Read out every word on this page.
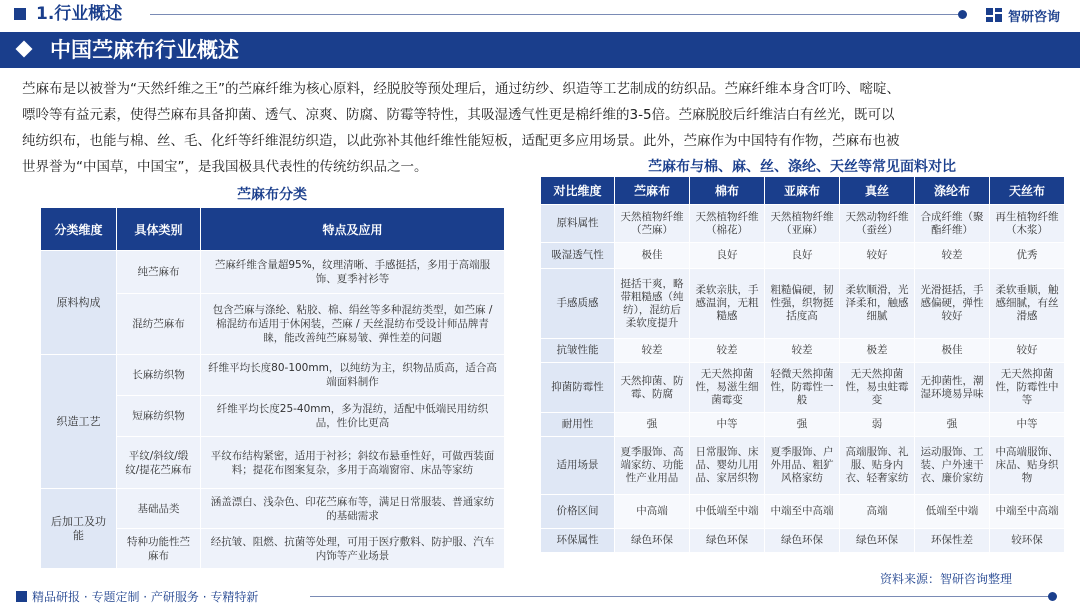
1.行业概述	智研咨询
中国苎麻布行业概述
苎麻布是以被誉为“天然纤维之王”的苎麻纤维为核心原料，经脱胶等预处理后，通过纺纱、织造等工艺制成的纺织品。苎麻纤维本身含叮吟、嘧啶、
嘌呤等有益元素，使得苎麻布具备抑菌、透气、凉爽、防腐、防霉等特性，其吸湿透气性更是棉纤维的3-5倍。苎麻脱胶后纤维洁白有丝光，既可以
纯纺织布，也能与棉、丝、毛、化纤等纤维混纺织造，以此弥补其他纤维性能短板，适配更多应用场景。此外，苎麻作为中国特有作物，苎麻布也被
世界誉为“中国草，中国宝”，是我国极具代表性的传统纺织品之一。
苎麻布分类
分类维度	具体类别	特点及应用
原料构成	纯苎麻布	苎麻纤维含量超95%，纹理清晰、手感挺括，多用于高端服饰、夏季衬衫等
	混纺苎麻布	包含苎麻与涤纶、粘胶、棉、绢丝等多种混纺类型，如苎麻 / 棉混纺布适用于休闲装，苎麻 / 天丝混纺布受设计师品牌青睐，能改善纯苎麻易皱、弹性差的问题
织造工艺	长麻纺织物	纤维平均长度80-100mm，以纯纺为主，织物品质高，适合高端面料制作
	短麻纺织物	纤维平均长度25-40mm，多为混纺，适配中低端民用纺织品，性价比更高
	平纹/斜纹/缎纹/提花苎麻布	平纹布结构紧密，适用于衬衫；斜纹布悬垂性好，可做西装面料；提花布图案复杂，多用于高端窗帘、床品等家纺
后加工及功能	基础品类	涵盖漂白、浅杂色、印花苎麻布等，满足日常服装、普通家纺的基础需求
	特种功能性苎麻布	经抗皱、阻燃、抗菌等处理，可用于医疗敷料、防护服、汽车内饰等产业场景
苎麻布与棉、麻、丝、涤纶、天丝等常见面料对比
对比维度	苎麻布	棉布	亚麻布	真丝	涤纶布	天丝布
原料属性	天然植物纤维（苎麻）	天然植物纤维（棉花）	天然植物纤维（亚麻）	天然动物纤维（蚕丝）	合成纤维（聚酯纤维）	再生植物纤维（木浆）
吸湿透气性	极佳	良好	良好	较好	较差	优秀
手感质感	挺括干爽，略带粗糙感（纯纺），混纺后柔软度提升	柔软亲肤，手感温润，无粗糙感	粗糙偏硬，韧性强，织物挺括度高	柔软顺滑，光泽柔和，触感细腻	光滑挺括，手感偏硬，弹性较好	柔软垂顺，触感细腻，有丝滑感
抗皱性能	较差	较差	较差	极差	极佳	较好
抑菌防霉性	天然抑菌、防霉、防腐	无天然抑菌性，易滋生细菌霉变	轻微天然抑菌性，防霉性一般	无天然抑菌性，易虫蛀霉变	无抑菌性，潮湿环境易异味	无天然抑菌性，防霉性中等
耐用性	强	中等	强	弱	强	中等
适用场景	夏季服饰、高端家纺、功能性产业用品	日常服饰、床品、婴幼儿用品、家居织物	夏季服饰、户外用品、粗犷风格家纺	高端服饰、礼服、贴身内衣、轻奢家纺	运动服饰、工装、户外速干衣、廉价家纺	中高端服饰、床品、贴身织物
价格区间	中高端	中低端至中端	中端至中高端	高端	低端至中端	中端至中高端
环保属性	绿色环保	绿色环保	绿色环保	绿色环保	环保性差	较环保
资料来源：智研咨询整理
精品研报 · 专题定制 · 产研服务 · 专精特新
